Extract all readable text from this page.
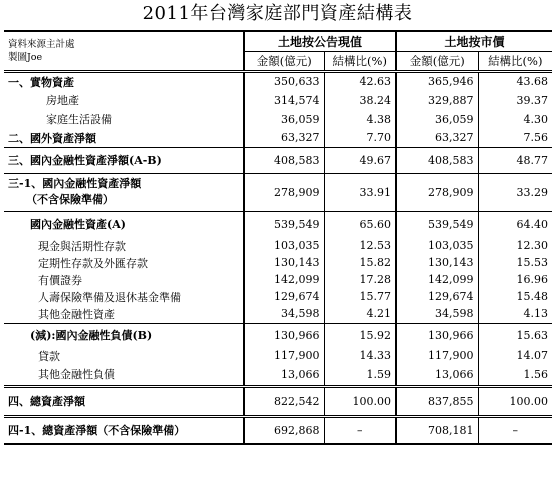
2011年台灣家庭部門資產結構表
資料來源主計處
製圖Joe	土地按公告現值		土地按市價	
	金額(億元)	結構比(%)	金額(億元)	結構比(%)
一、實物資產	350,633	42.63	365,946	43.68
房地產	314,574	38.24	329,887	39.37
家庭生活設備	36,059	4.38	36,059	4.30
二、國外資產淨額	63,327	7.70	63,327	7.56
三、國內金融性資產淨額(A-B)	408,583	49.67	408,583	48.77

三-1、國內金融性資產淨額
（不含保險準備）	278,909	33.91	278,909	33.29
國內金融性資產(A)	539,549	65.60	539,549	64.40
現金與活期性存款	103,035	12.53	103,035	12.30
定期性存款及外匯存款	130,143	15.82	130,143	15.53
有價證券	142,099	17.28	142,099	16.96
人壽保險準備及退休基金準備	129,674	15.77	129,674	15.48
其他金融性資產	34,598	4.21	34,598	4.13
(減):國內金融性負債(B)	130,966	15.92	130,966	15.63
貸款	117,900	14.33	117,900	14.07
其他金融性負債	13,066	1.59	13,066	1.56
四、總資產淨額	822,542	100.00	837,855	100.00
四-1、總資產淨額（不含保險準備）	692,868	–	708,181	–
